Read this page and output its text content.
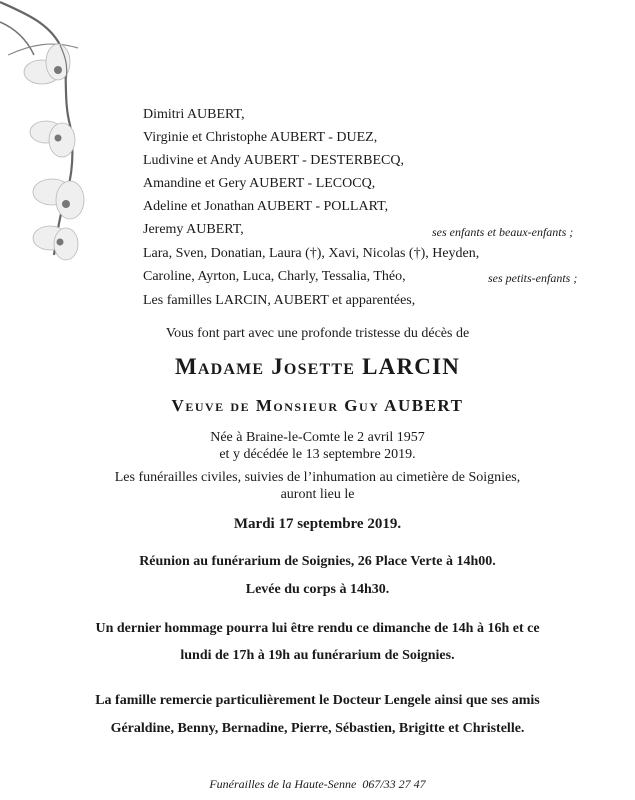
Dimitri AUBERT,
Virginie et Christophe AUBERT - DUEZ,
Ludivine et Andy AUBERT - DESTERBECQ,
Amandine et Gery AUBERT - LECOCQ,
Adeline et Jonathan AUBERT - POLLART,
Jeremy AUBERT,	ses enfants et beaux-enfants ;
Lara, Sven, Donatian, Laura (†), Xavi, Nicolas (†), Heyden,
Caroline, Ayrton, Luca, Charly, Tessalia, Théo,	ses petits-enfants ;
Les familles LARCIN, AUBERT et apparentées,
Vous font part avec une profonde tristesse du décès de
Madame Josette LARCIN
Veuve de Monsieur Guy AUBERT
Née à Braine-le-Comte le 2 avril 1957
et y décédée le 13 septembre 2019.
Les funérailles civiles, suivies de l’inhumation au cimetière de Soignies,
auront lieu le
Mardi 17 septembre 2019.
Réunion au funérarium de Soignies, 26 Place Verte à 14h00.
Levée du corps à 14h30.
Un dernier hommage pourra lui être rendu ce dimanche de 14h à 16h et ce
lundi de 17h à 19h au funérarium de Soignies.
La famille remercie particulièrement le Docteur Lengele ainsi que ses amis
Géraldine, Benny, Bernadine, Pierre, Sébastien, Brigitte et Christelle.
Funérailles de la Haute-Senne 067/33 27 47
